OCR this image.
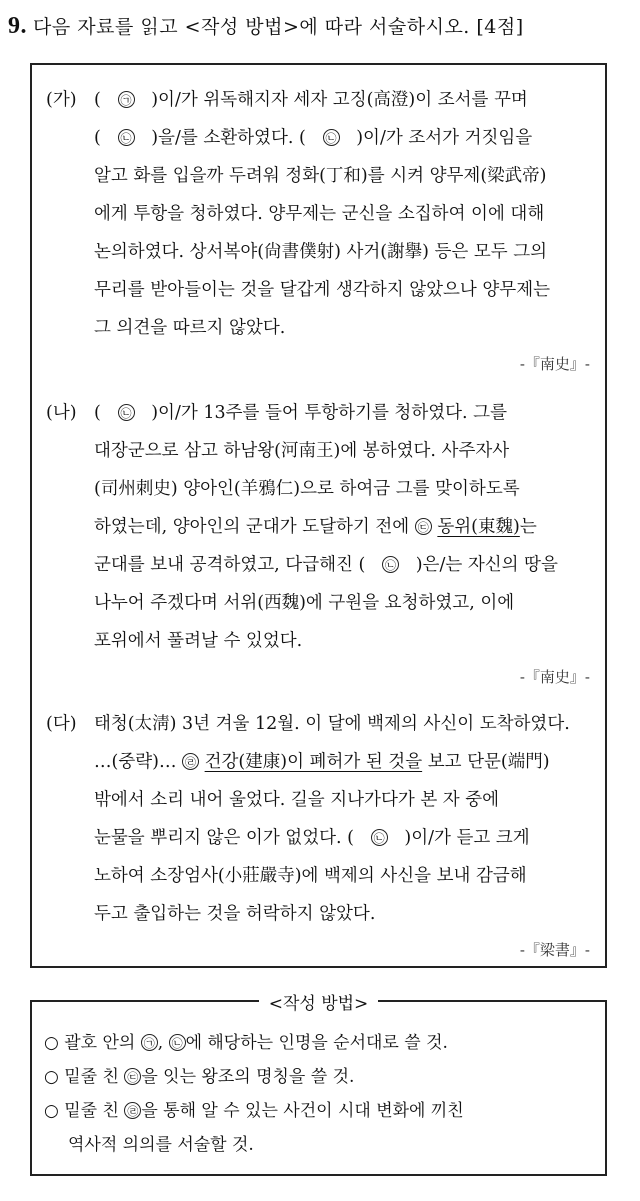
9. 다음 자료를 읽고 <작성 방법>에 따라 서술하시오. [4점]
(가) ( ㉠ )이/가 위독해지자 세자 고징(高澄)이 조서를 꾸며
( ㉡ )을/를 소환하였다. ( ㉡ )이/가 조서가 거짓임을
알고 화를 입을까 두려워 정화(丁和)를 시켜 양무제(梁武帝)
에게 투항을 청하였다. 양무제는 군신을 소집하여 이에 대해
논의하였다. 상서복야(尙書僕射) 사거(謝擧) 등은 모두 그의
무리를 받아들이는 것을 달갑게 생각하지 않았으나 양무제는
그 의견을 따르지 않았다.
-『南史』-
(나) ( ㉡ )이/가 13주를 들어 투항하기를 청하였다. 그를
대장군으로 삼고 하남왕(河南王)에 봉하였다. 사주자사
(司州刺史) 양아인(羊鴉仁)으로 하여금 그를 맞이하도록
하였는데, 양아인의 군대가 도달하기 전에 ㉢ 동위(東魏)는
군대를 보내 공격하였고, 다급해진 ( ㉡ )은/는 자신의 땅을
나누어 주겠다며 서위(西魏)에 구원을 요청하였고, 이에
포위에서 풀려날 수 있었다.
-『南史』-
(다) 태청(太淸) 3년 겨울 12월. 이 달에 백제의 사신이 도착하였다.
…(중략)… ㉣ 건강(建康)이 폐허가 된 것을 보고 단문(端門)
밖에서 소리 내어 울었다. 길을 지나가다가 본 자 중에
눈물을 뿌리지 않은 이가 없었다. ( ㉡ )이/가 듣고 크게
노하여 소장엄사(小莊嚴寺)에 백제의 사신을 보내 감금해
두고 출입하는 것을 허락하지 않았다.
-『梁書』-
<작성 방법>
○ 괄호 안의 ㉠ , ㉡ 에 해당하는 인명을 순서대로 쓸 것.
○ 밑줄 친 ㉢ 을 잇는 왕조의 명칭을 쓸 것.
○ 밑줄 친 ㉣ 을 통해 알 수 있는 사건이 시대 변화에 끼친
역사적 의의를 서술할 것.
